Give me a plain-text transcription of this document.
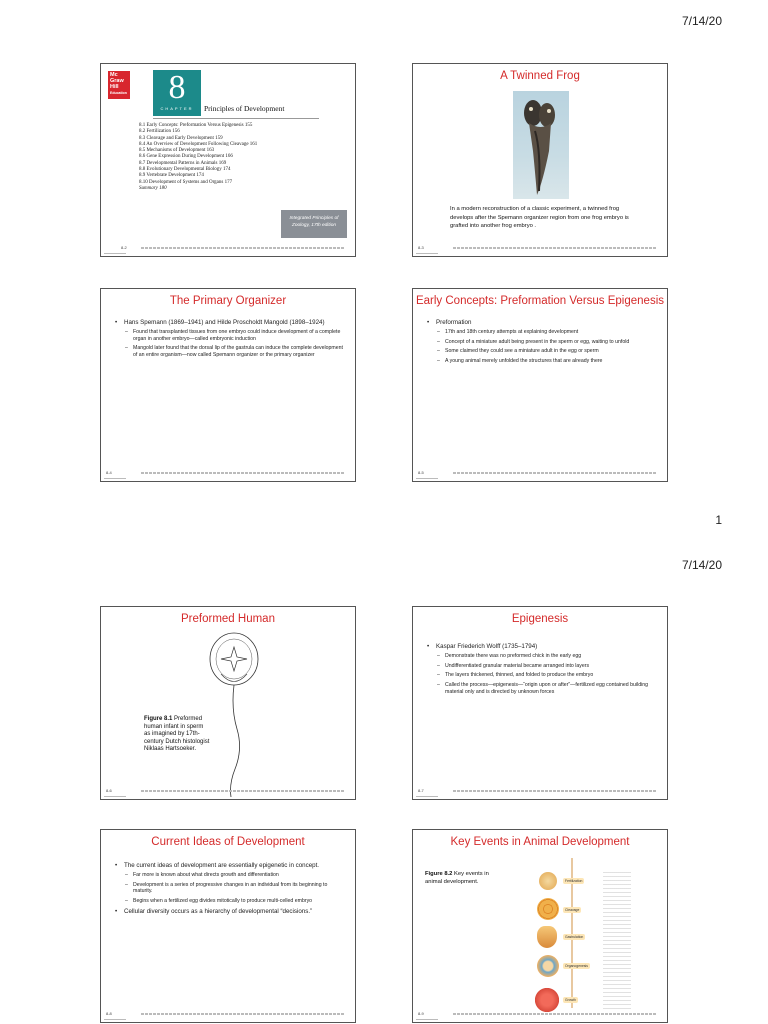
7/14/20
Mc
Graw
Hill
Education	8
CHAPTER	Principles of Development
8.1 Early Concepts: Preformation Versus Epigenesis 155
8.2 Fertilization 156
8.3 Cleavage and Early Development 159
8.4 An Overview of Development Following Cleavage 161
8.5 Mechanisms of Development 163
8.6 Gene Expression During Development 166
8.7 Developmental Patterns in Animals 169
8.8 Evolutionary Developmental Biology 174
8.9 Vertebrate Development 174
8.10 Development of Systems and Organs 177
Summary 180
Integrated Principles of
Zoology, 17th edition
8-2
A Twinned Frog
In a modern reconstruction of a classic experiment, a twinned frog develops after the Spemann organizer region from one frog embryo is grafted into another frog embryo .
8-3
The Primary Organizer
• Hans Spemann (1869–1941) and Hilde Proscholdt Mangold (1898–1924)
– Found that transplanted tissues from one embryo could induce development of a complete organ in another embryo—called embryonic induction
– Mangold later found that the dorsal lip of the gastrula can induce the complete development of an entire organism—now called Spemann organizer or the primary organizer
8-4
Early Concepts: Preformation Versus Epigenesis
• Preformation
– 17th and 18th century attempts at explaining development
– Concept of a miniature adult being present in the sperm or egg, waiting to unfold
– Some claimed they could see a miniature adult in the egg or sperm
– A young animal merely unfolded the structures that are already there
8-5
1
7/14/20
Preformed Human
Figure 8.1 Preformed human infant in sperm as imagined by 17th-century Dutch histologist Niklaas Hartsoeker.
8-6
Epigenesis
• Kaspar Friederich Wolff (1735–1794)
– Demonstrate there was no preformed chick in the early egg
– Undifferentiated granular material became arranged into layers
– The layers thickened, thinned, and folded to produce the embryo
– Called the process—epigenesis—“origin upon or after”—fertilized egg contained building material only and is directed by unknown forces
8-7
Current Ideas of Development
• The current ideas of development are essentially epigenetic in concept.
– Far more is known about what directs growth and differentiation
– Development is a series of progressive changes in an individual from its beginning to maturity.
– Begins when a fertilized egg divides mitotically to produce multi-celled embryo
• Cellular diversity occurs as a hierarchy of developmental “decisions.”
8-8
Key Events in Animal Development
Figure 8.2 Key events in animal development.	Fertilization
Cleavage
Gastrulation
Organogenesis
Growth
8-9
